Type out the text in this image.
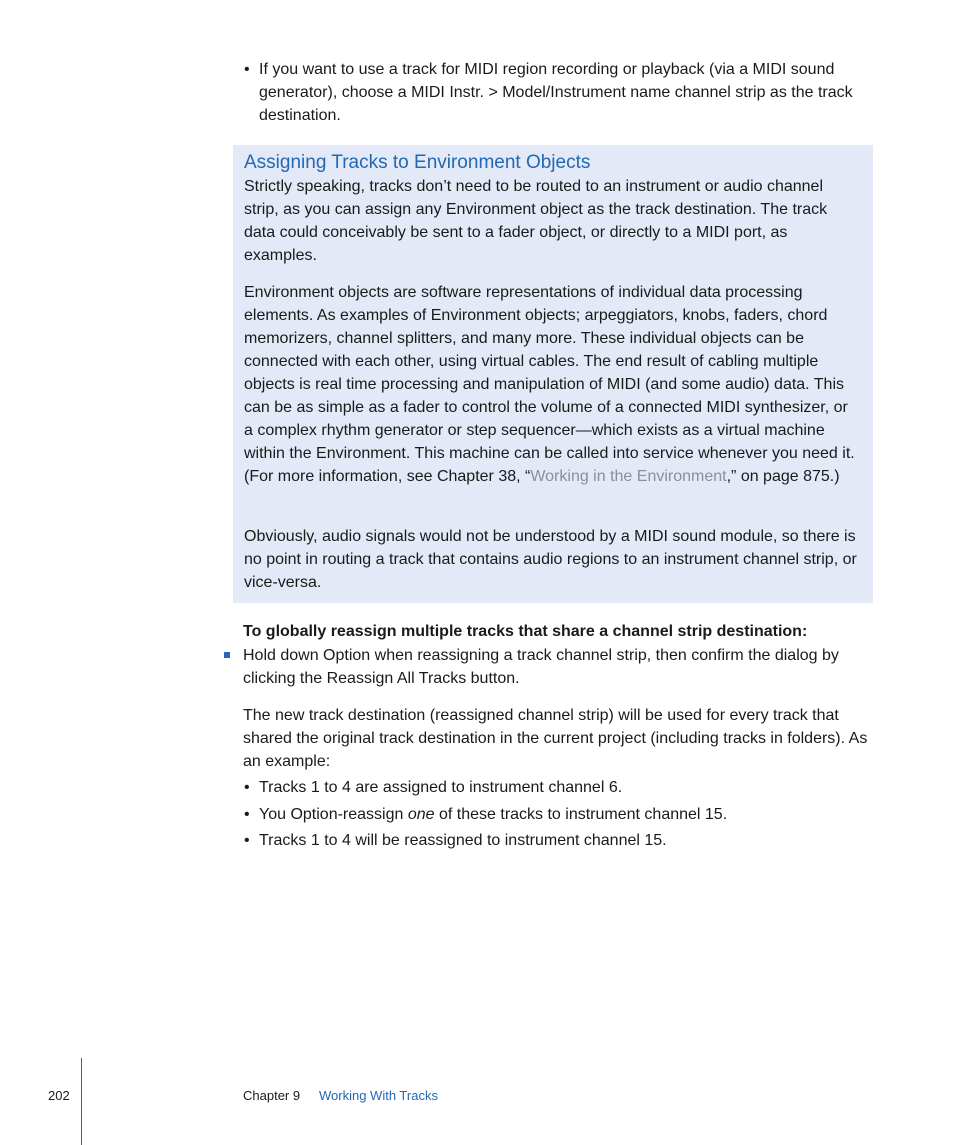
• If you want to use a track for MIDI region recording or playback (via a MIDI sound generator), choose a MIDI Instr. > Model/Instrument name channel strip as the track destination.
Assigning Tracks to Environment Objects

Strictly speaking, tracks don’t need to be routed to an instrument or audio channel strip, as you can assign any Environment object as the track destination. The track data could conceivably be sent to a fader object, or directly to a MIDI port, as examples.

Environment objects are software representations of individual data processing elements. As examples of Environment objects; arpeggiators, knobs, faders, chord memorizers, channel splitters, and many more. These individual objects can be connected with each other, using virtual cables. The end result of cabling multiple objects is real time processing and manipulation of MIDI (and some audio) data. This can be as simple as a fader to control the volume of a connected MIDI synthesizer, or a complex rhythm generator or step sequencer—which exists as a virtual machine within the Environment. This machine can be called into service whenever you need it. (For more information, see Chapter 38, “Working in the Environment,” on page 875.)

Obviously, audio signals would not be understood by a MIDI sound module, so there is no point in routing a track that contains audio regions to an instrument channel strip, or vice-versa.

To globally reassign multiple tracks that share a channel strip destination:
Hold down Option when reassigning a track channel strip, then confirm the dialog by clicking the Reassign All Tracks button.

The new track destination (reassigned channel strip) will be used for every track that shared the original track destination in the current project (including tracks in folders). As an example:

• Tracks 1 to 4 are assigned to instrument channel 6.
• You Option-reassign one of these tracks to instrument channel 15.
• Tracks 1 to 4 will be reassigned to instrument channel 15.
202	Chapter 9 Working With Tracks
